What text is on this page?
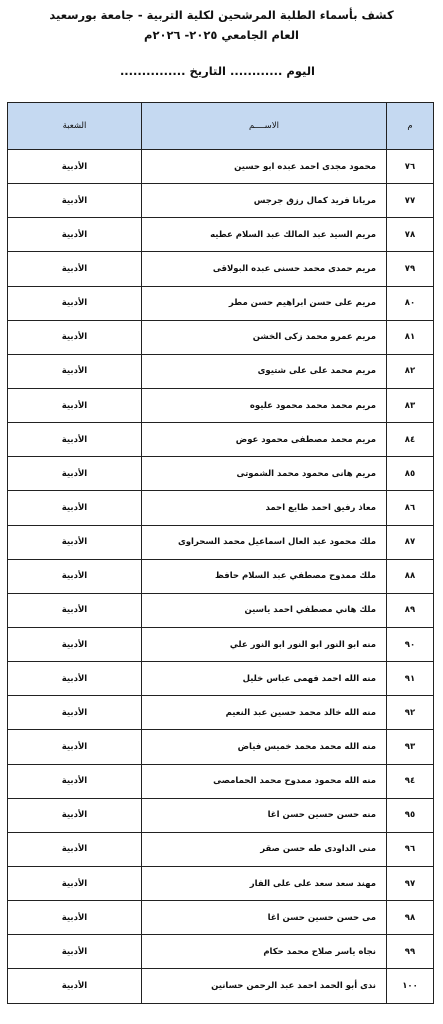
كشف بأسماء الطلبة المرشحين لكلية التربية - جامعة بورسعيد
العام الجامعي ٢٠٢٥- ٢٠٢٦م
اليوم ............ التاريخ ...............
م	الاســــم	الشعبة
٧٦	محمود مجدى احمد عبده ابو حسين	الأدبية
٧٧	مريانا فريد كمال رزق جرجس	الأدبية
٧٨	مريم السيد عبد المالك عبد السلام عطيه	الأدبية
٧٩	مريم حمدى محمد حسنى عبده البولاقى	الأدبية
٨٠	مريم على حسن ابراهيم حسن مطر	الأدبية
٨١	مريم عمرو محمد زكى الخشن	الأدبية
٨٢	مريم محمد على على شتيوى	الأدبية
٨٣	مريم محمد محمد محمود عليوه	الأدبية
٨٤	مريم محمد مصطفى محمود عوض	الأدبية
٨٥	مريم هانى محمود محمد الشموتى	الأدبية
٨٦	معاذ رفيق احمد طايع احمد	الأدبية
٨٧	ملك محمود عبد العال اسماعيل محمد السحراوى	الأدبية
٨٨	ملك ممدوح مصطفي عبد السلام حافظ	الأدبية
٨٩	ملك هاني مصطفي احمد ياسين	الأدبية
٩٠	منه ابو النور ابو النور ابو النور علي	الأدبية
٩١	منه الله احمد فهمى عباس خليل	الأدبية
٩٢	منه الله خالد محمد حسين عبد النعيم	الأدبية
٩٣	منه الله محمد محمد خميس فياض	الأدبية
٩٤	منه الله محمود ممدوح محمد الحمامصى	الأدبية
٩٥	منه حسن حسين حسن اغا	الأدبية
٩٦	منى الداودى طه حسن صقر	الأدبية
٩٧	مهند سعد سعد على على الفار	الأدبية
٩٨	مى حسن حسين حسن اغا	الأدبية
٩٩	نجاه ياسر صلاح محمد حكام	الأدبية
١٠٠	ندى أبو الحمد احمد عبد الرحمن حسانين	الأدبية
